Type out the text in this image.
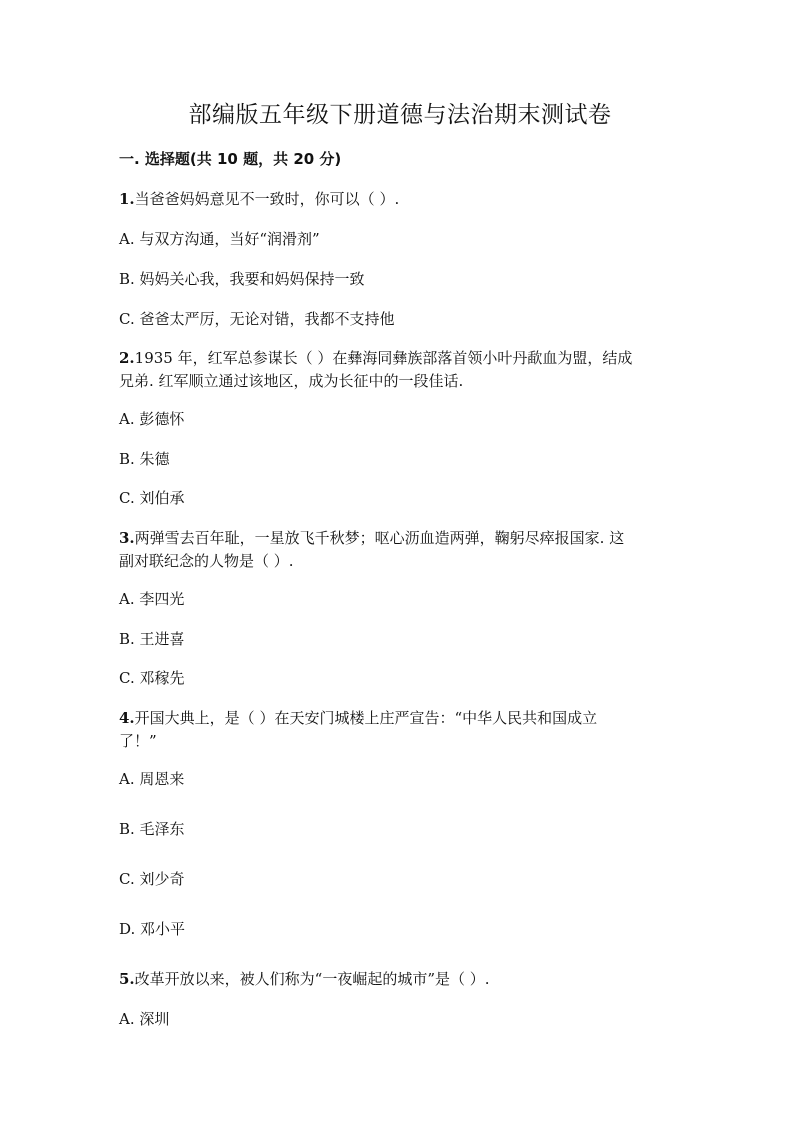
部编版五年级下册道德与法治期末测试卷
一. 选择题(共 10 题，共 20 分)
1.当爸爸妈妈意见不一致时，你可以（ ）.
A. 与双方沟通，当好“润滑剂”
B. 妈妈关心我，我要和妈妈保持一致
C. 爸爸太严厉，无论对错，我都不支持他
2.1935 年，红军总参谋长（ ）在彝海同彝族部落首领小叶丹歃血为盟，结成
兄弟. 红军顺立通过该地区，成为长征中的一段佳话.
A. 彭德怀
B. 朱德
C. 刘伯承
3.两弹雪去百年耻，一星放飞千秋梦；呕心沥血造两弹，鞠躬尽瘁报国家. 这
副对联纪念的人物是（ ）.
A. 李四光
B. 王进喜
C. 邓稼先
4.开国大典上，是（ ）在天安门城楼上庄严宣告：“中华人民共和国成立
了！”
A. 周恩来
B. 毛泽东
C. 刘少奇
D. 邓小平
5.改革开放以来，被人们称为“一夜崛起的城市”是（ ）.
A. 深圳
